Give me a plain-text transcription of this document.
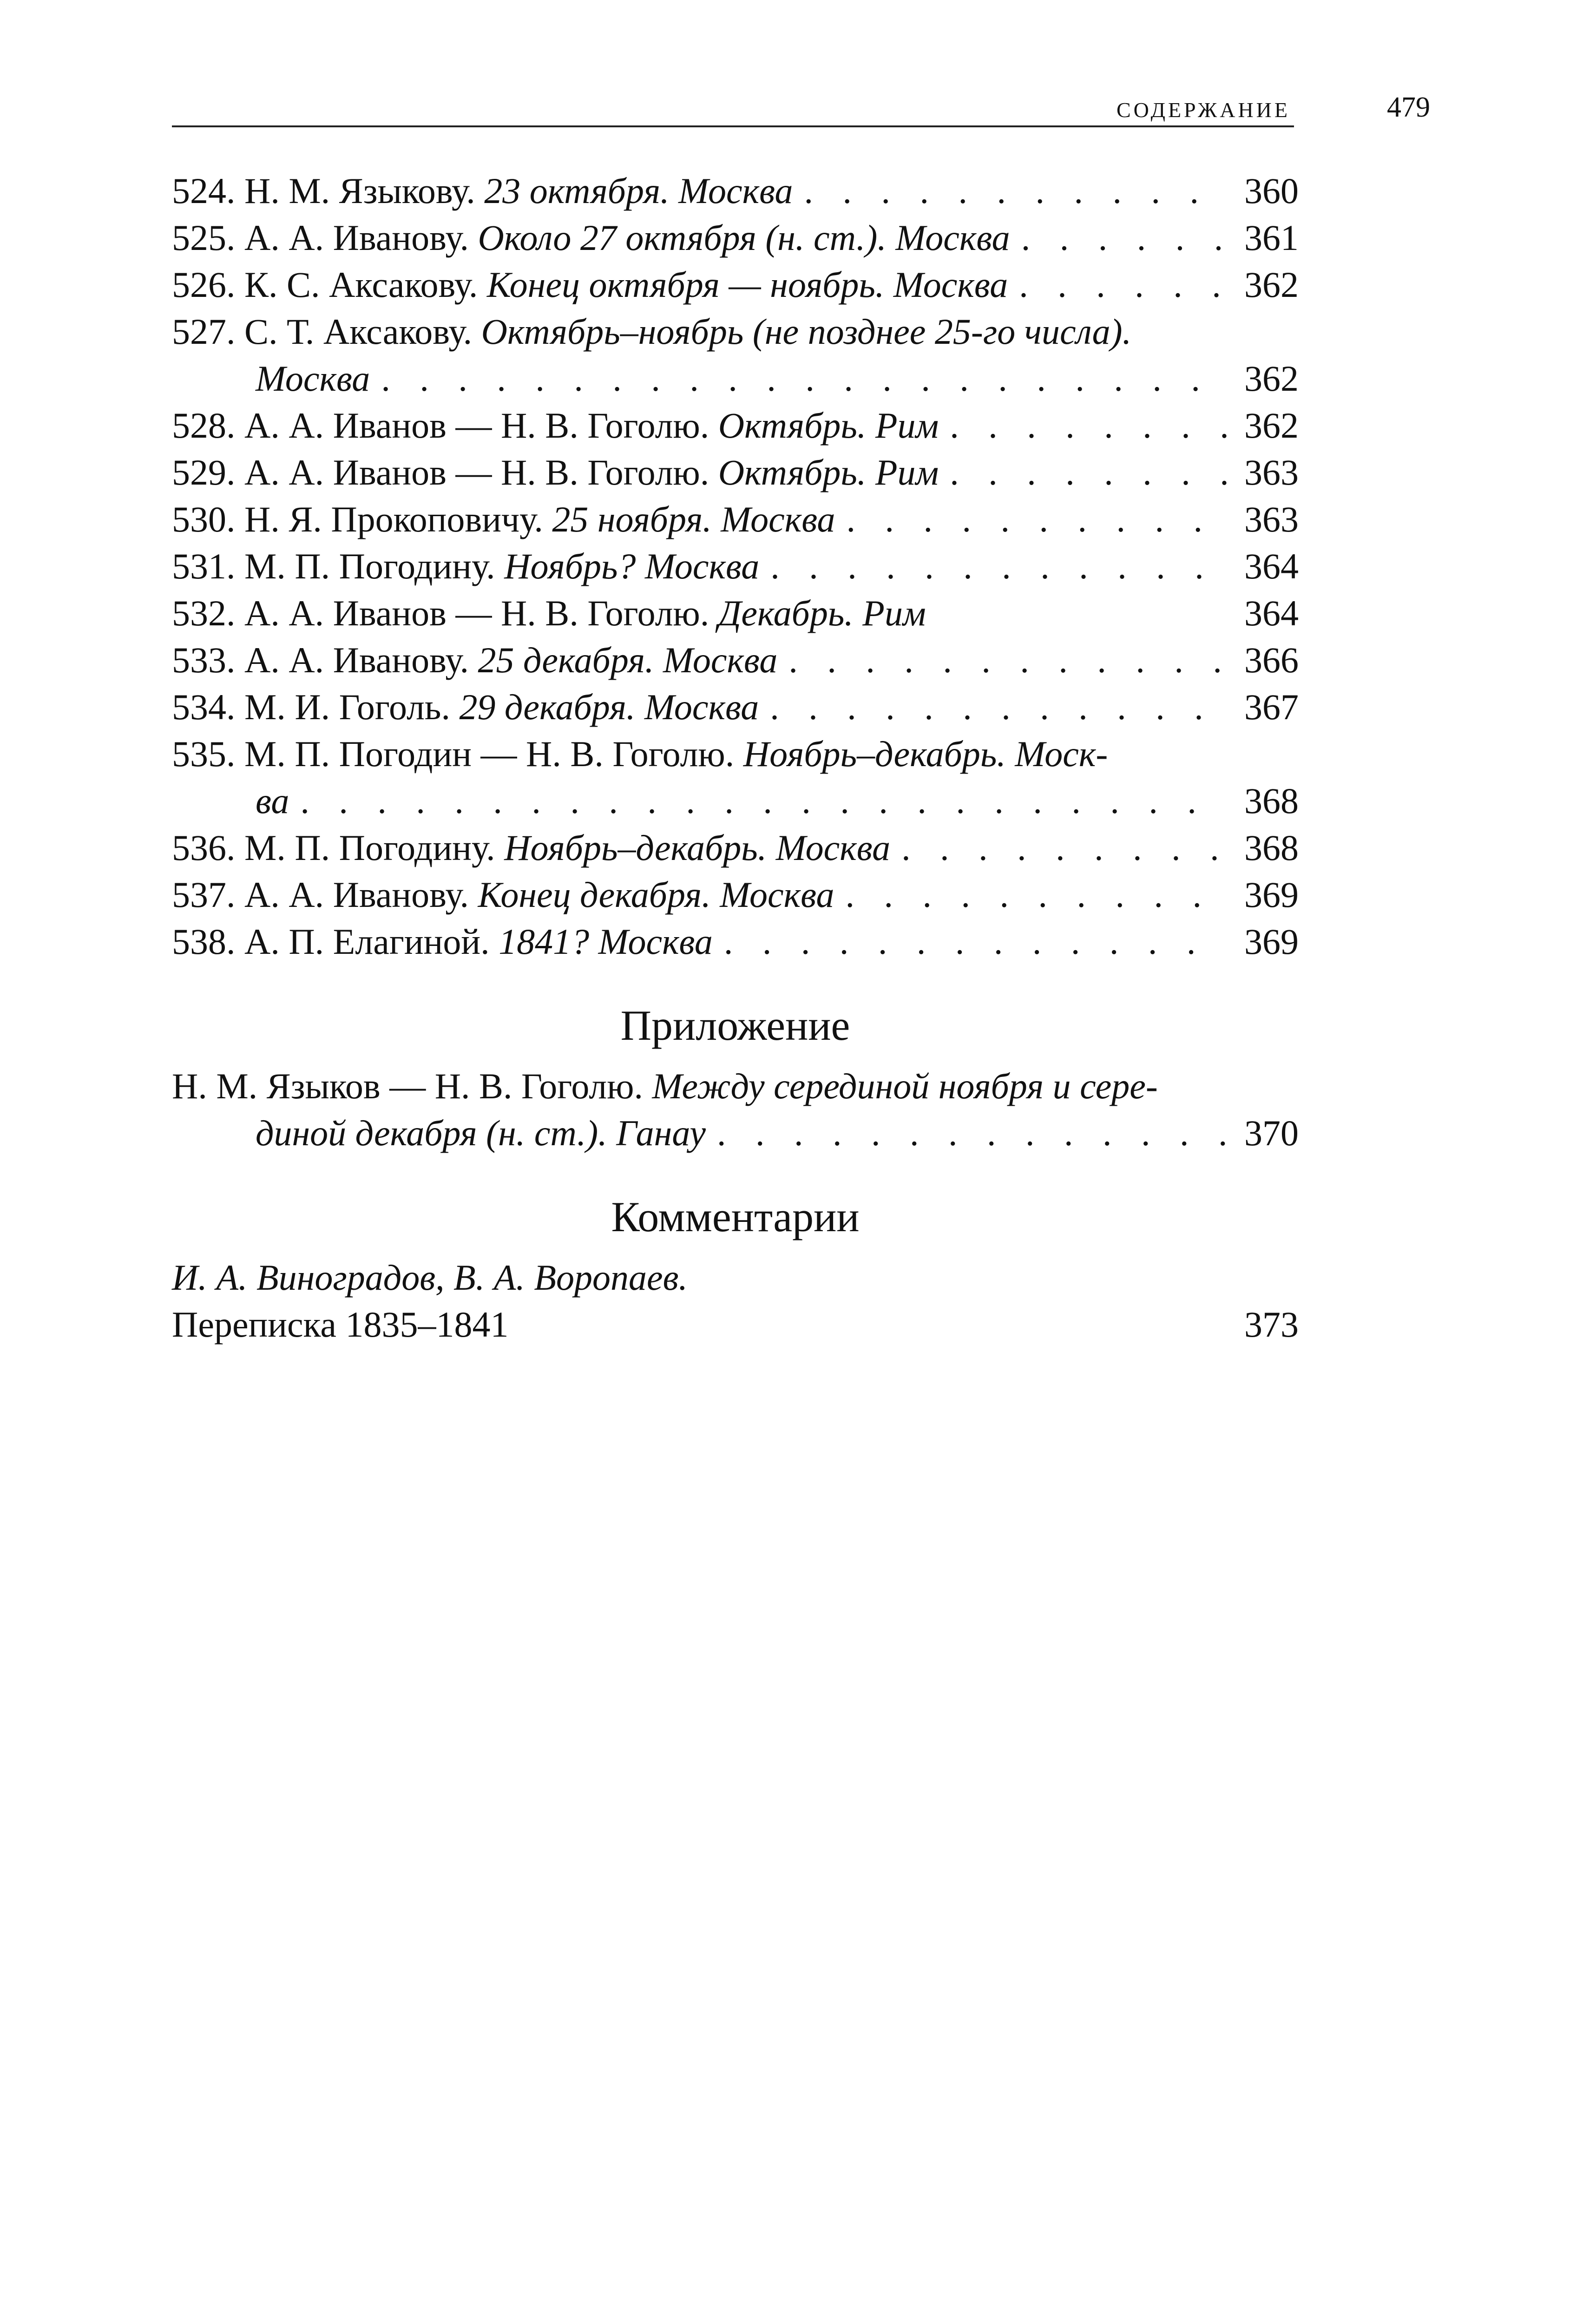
СОДЕРЖАНИЕ	479
524. Н. М. Языкову. 23 октября. Москва . . .	360
525. А. А. Иванову. Около 27 октября (н. ст.). Москва . . .	361
526. К. С. Аксакову. Конец октября — ноябрь. Москва . . .	362
527. С. Т. Аксакову. Октябрь–ноябрь (не позднее 25-го числа).
Москва . . .	362
528. А. А. Иванов — Н. В. Гоголю. Октябрь. Рим . . .	362
529. А. А. Иванов — Н. В. Гоголю. Октябрь. Рим . . .	363
530. Н. Я. Прокоповичу. 25 ноября. Москва . . .	363
531. М. П. Погодину. Ноябрь? Москва . . .	364
532. А. А. Иванов — Н. В. Гоголю. Декабрь. Рим	364
533. А. А. Иванову. 25 декабря. Москва . . .	366
534. М. И. Гоголь. 29 декабря. Москва . . .	367
535. М. П. Погодин — Н. В. Гоголю. Ноябрь–декабрь. Моск-
ва . . .	368
536. М. П. Погодину. Ноябрь–декабрь. Москва . . .	368
537. А. А. Иванову. Конец декабря. Москва . . .	369
538. А. П. Елагиной. 1841? Москва . . .	369
Приложение
Н. М. Языков — Н. В. Гоголю. Между серединой ноября и сере-
диной декабря (н. ст.). Ганау . . .	370
Комментарии
И. А. Виноградов, В. А. Воропаев.
Переписка 1835–1841	373
